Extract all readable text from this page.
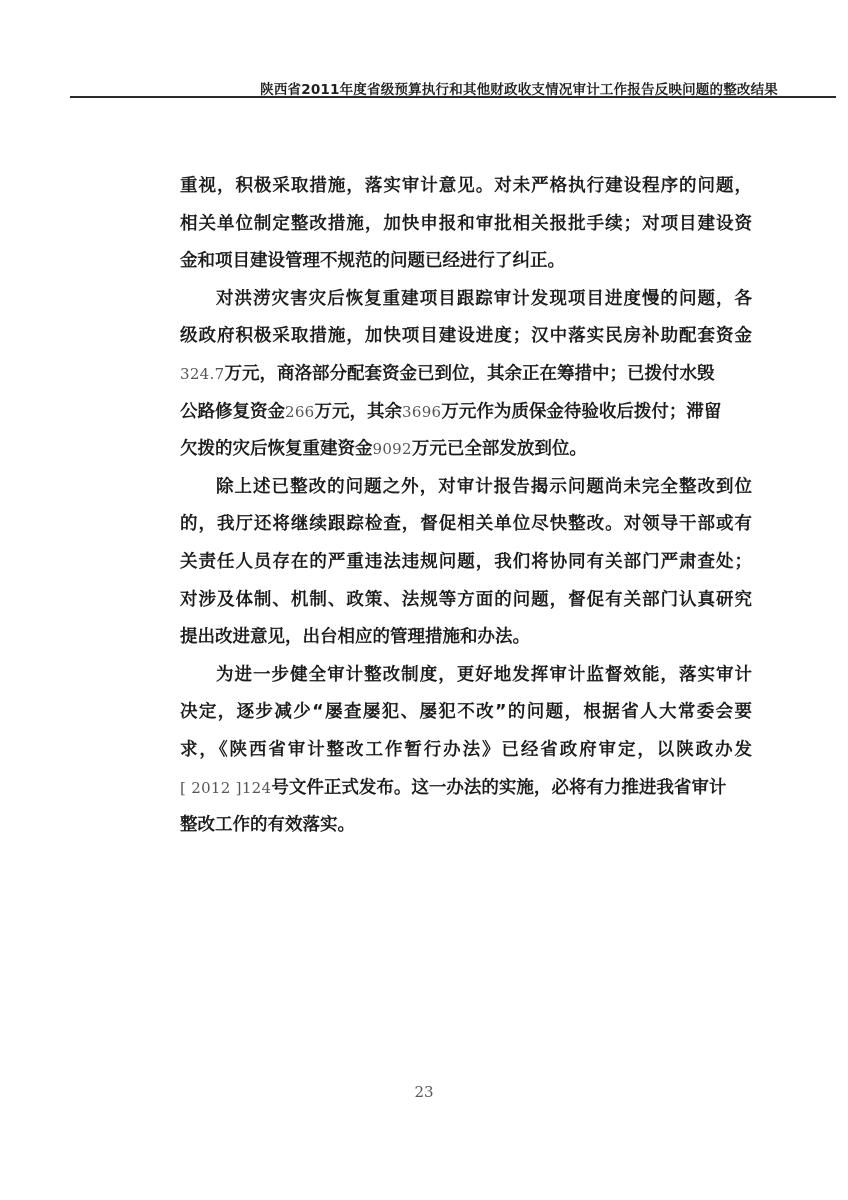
陕西省2011年度省级预算执行和其他财政收支情况审计工作报告反映问题的整改结果
重视，积极采取措施，落实审计意见。对未严格执行建设程序的问题，
相关单位制定整改措施，加快申报和审批相关报批手续；对项目建设资
金和项目建设管理不规范的问题已经进行了纠正。
对洪涝灾害灾后恢复重建项目跟踪审计发现项目进度慢的问题，各
级政府积极采取措施，加快项目建设进度；汉中落实民房补助配套资金
324.7万元，商洛部分配套资金已到位，其余正在筹措中；已拨付水毁
公路修复资金266万元，其余3696万元作为质保金待验收后拨付；滞留
欠拨的灾后恢复重建资金9092万元已全部发放到位。
除上述已整改的问题之外，对审计报告揭示问题尚未完全整改到位
的，我厅还将继续跟踪检查，督促相关单位尽快整改。对领导干部或有
关责任人员存在的严重违法违规问题，我们将协同有关部门严肃查处；
对涉及体制、机制、政策、法规等方面的问题，督促有关部门认真研究
提出改进意见，出台相应的管理措施和办法。
为进一步健全审计整改制度，更好地发挥审计监督效能，落实审计
决定，逐步减少“屡查屡犯、屡犯不改”的问题，根据省人大常委会要
求，《陕西省审计整改工作暂行办法》已经省政府审定，以陕政办发
[ 2012 ]124号文件正式发布。这一办法的实施，必将有力推进我省审计
整改工作的有效落实。
23
